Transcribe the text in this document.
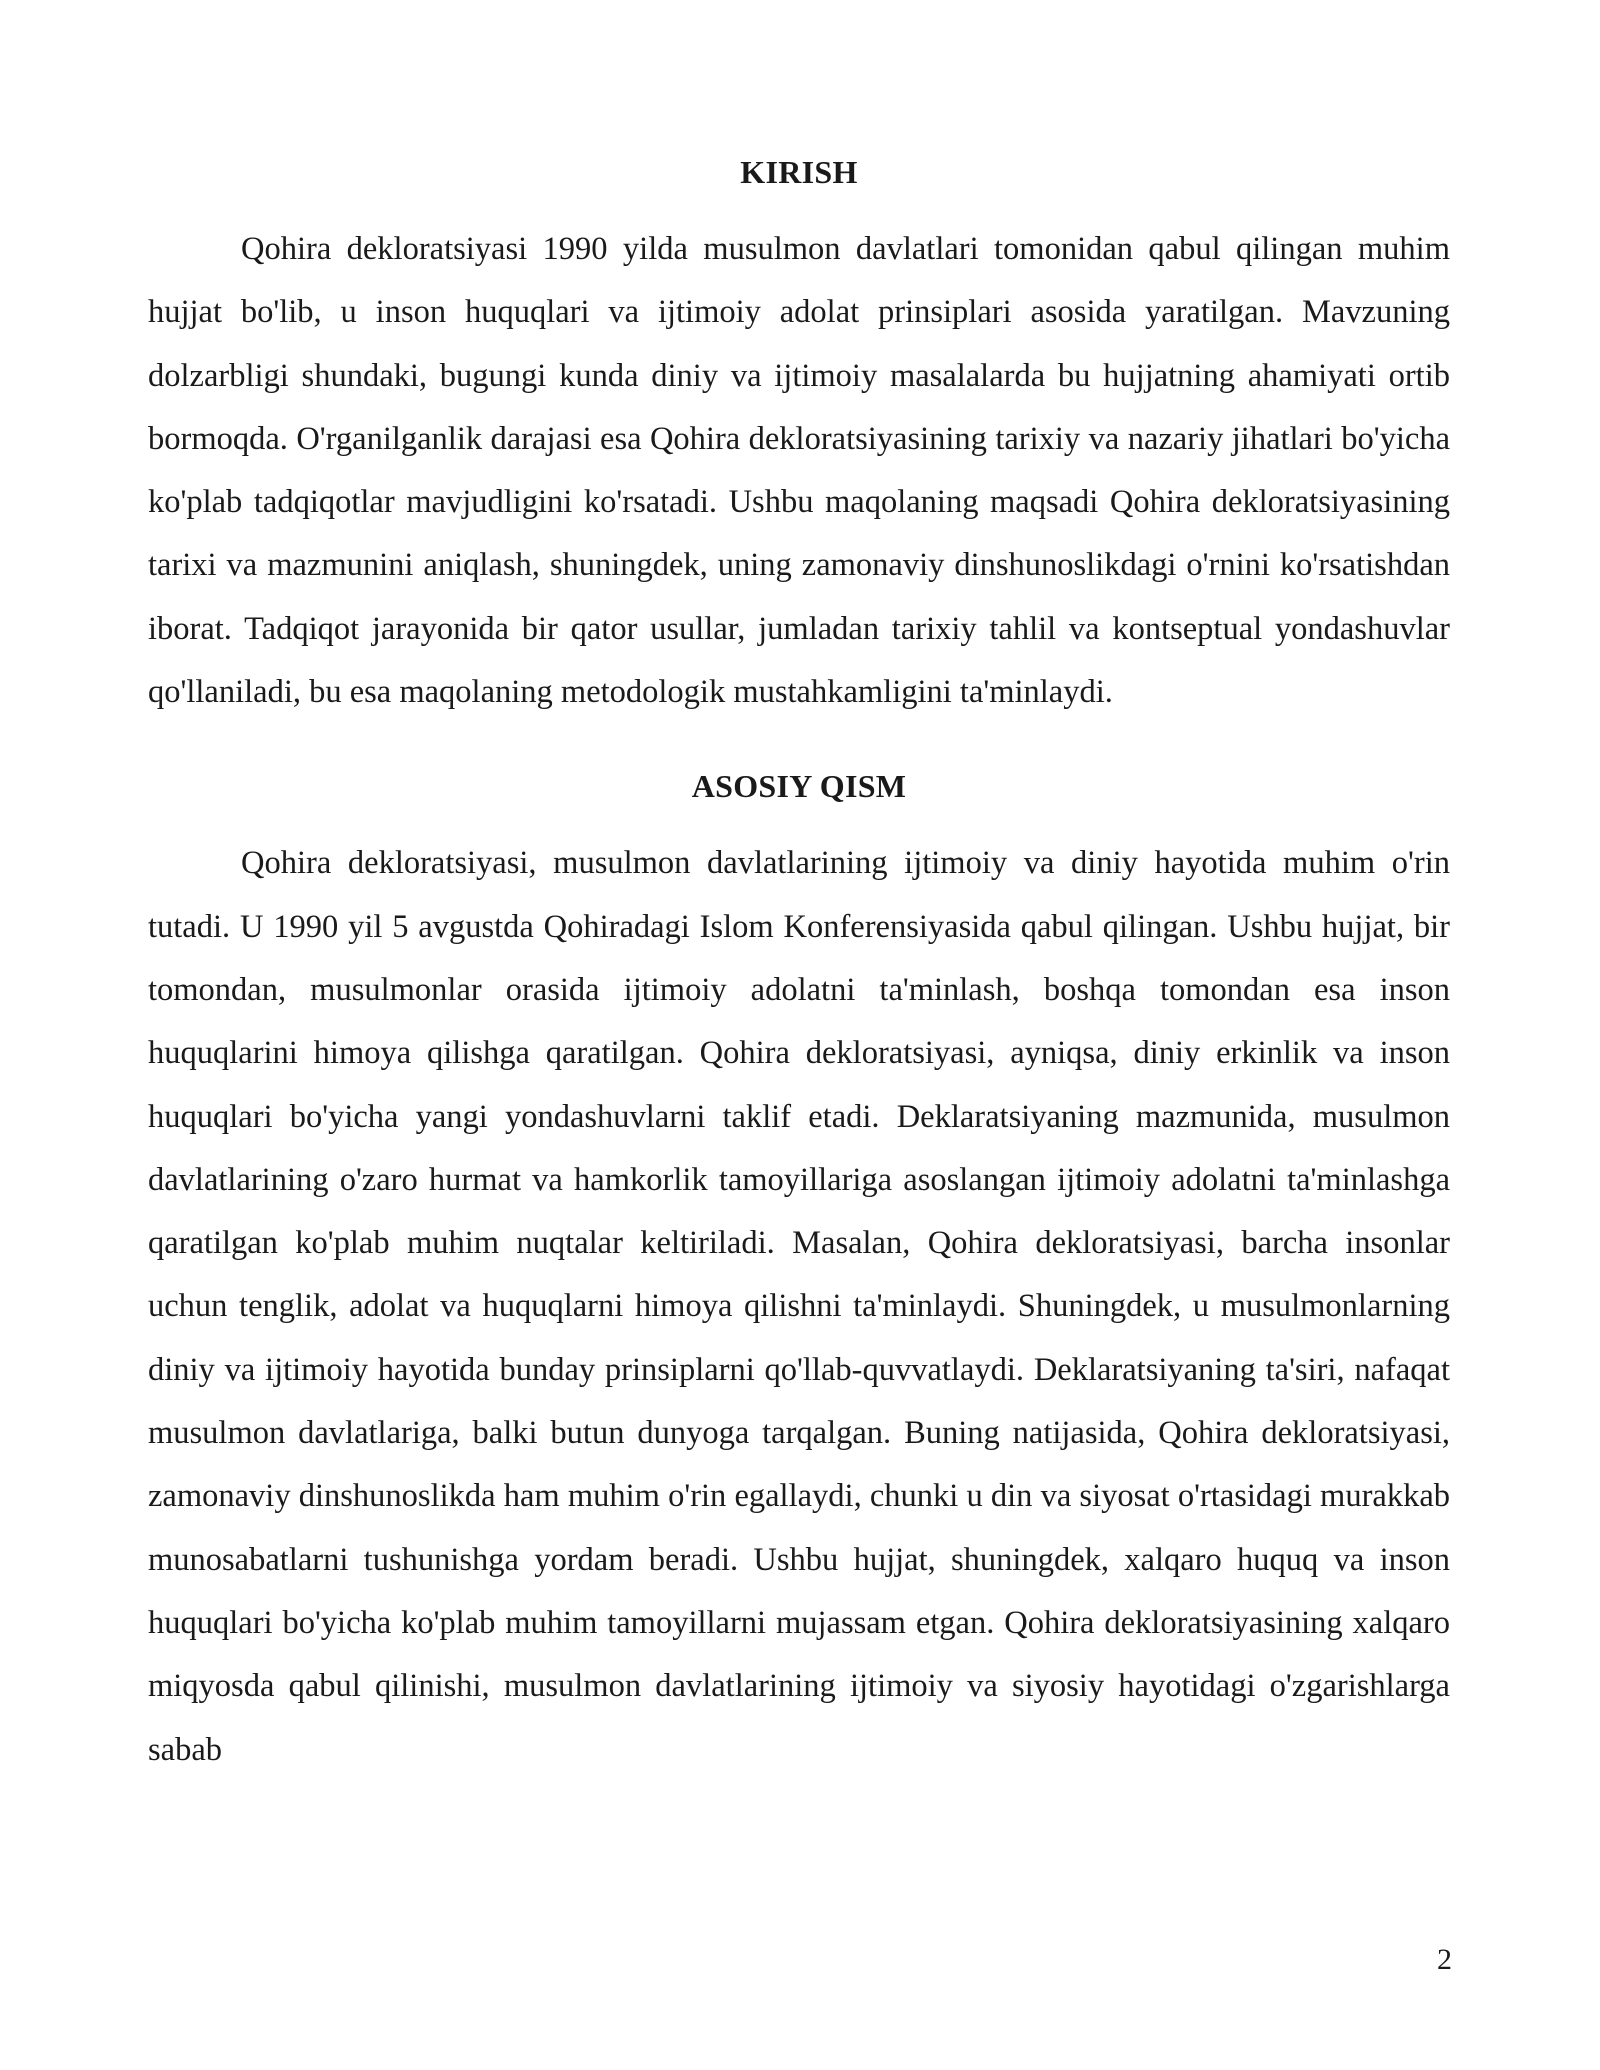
KIRISH

Qohira dekloratsiyasi 1990 yilda musulmon davlatlari tomonidan qabul qilingan muhim hujjat bo'lib, u inson huquqlari va ijtimoiy adolat prinsiplari asosida yaratilgan. Mavzuning dolzarbligi shundaki, bugungi kunda diniy va ijtimoiy masalalarda bu hujjatning ahamiyati ortib bormoqda. O'rganilganlik darajasi esa Qohira dekloratsiyasining tarixiy va nazariy jihatlari bo'yicha ko'plab tadqiqotlar mavjudligini ko'rsatadi. Ushbu maqolaning maqsadi Qohira dekloratsiyasining tarixi va mazmunini aniqlash, shuningdek, uning zamonaviy dinshunoslikdagi o'rnini ko'rsatishdan iborat. Tadqiqot jarayonida bir qator usullar, jumladan tarixiy tahlil va kontseptual yondashuvlar qo'llaniladi, bu esa maqolaning metodologik mustahkamligini ta'minlaydi.

ASOSIY QISM

Qohira dekloratsiyasi, musulmon davlatlarining ijtimoiy va diniy hayotida muhim o'rin tutadi. U 1990 yil 5 avgustda Qohiradagi Islom Konferensiyasida qabul qilingan. Ushbu hujjat, bir tomondan, musulmonlar orasida ijtimoiy adolatni ta'minlash, boshqa tomondan esa inson huquqlarini himoya qilishga qaratilgan. Qohira dekloratsiyasi, ayniqsa, diniy erkinlik va inson huquqlari bo'yicha yangi yondashuvlarni taklif etadi. Deklaratsiyaning mazmunida, musulmon davlatlarining o'zaro hurmat va hamkorlik tamoyillariga asoslangan ijtimoiy adolatni ta'minlashga qaratilgan ko'plab muhim nuqtalar keltiriladi. Masalan, Qohira dekloratsiyasi, barcha insonlar uchun tenglik, adolat va huquqlarni himoya qilishni ta'minlaydi. Shuningdek, u musulmonlarning diniy va ijtimoiy hayotida bunday prinsiplarni qo'llab-quvvatlaydi. Deklaratsiyaning ta'siri, nafaqat musulmon davlatlariga, balki butun dunyoga tarqalgan. Buning natijasida, Qohira dekloratsiyasi, zamonaviy dinshunoslikda ham muhim o'rin egallaydi, chunki u din va siyosat o'rtasidagi murakkab munosabatlarni tushunishga yordam beradi. Ushbu hujjat, shuningdek, xalqaro huquq va inson huquqlari bo'yicha ko'plab muhim tamoyillarni mujassam etgan. Qohira dekloratsiyasining xalqaro miqyosda qabul qilinishi, musulmon davlatlarining ijtimoiy va siyosiy hayotidagi o'zgarishlarga sabab

2
